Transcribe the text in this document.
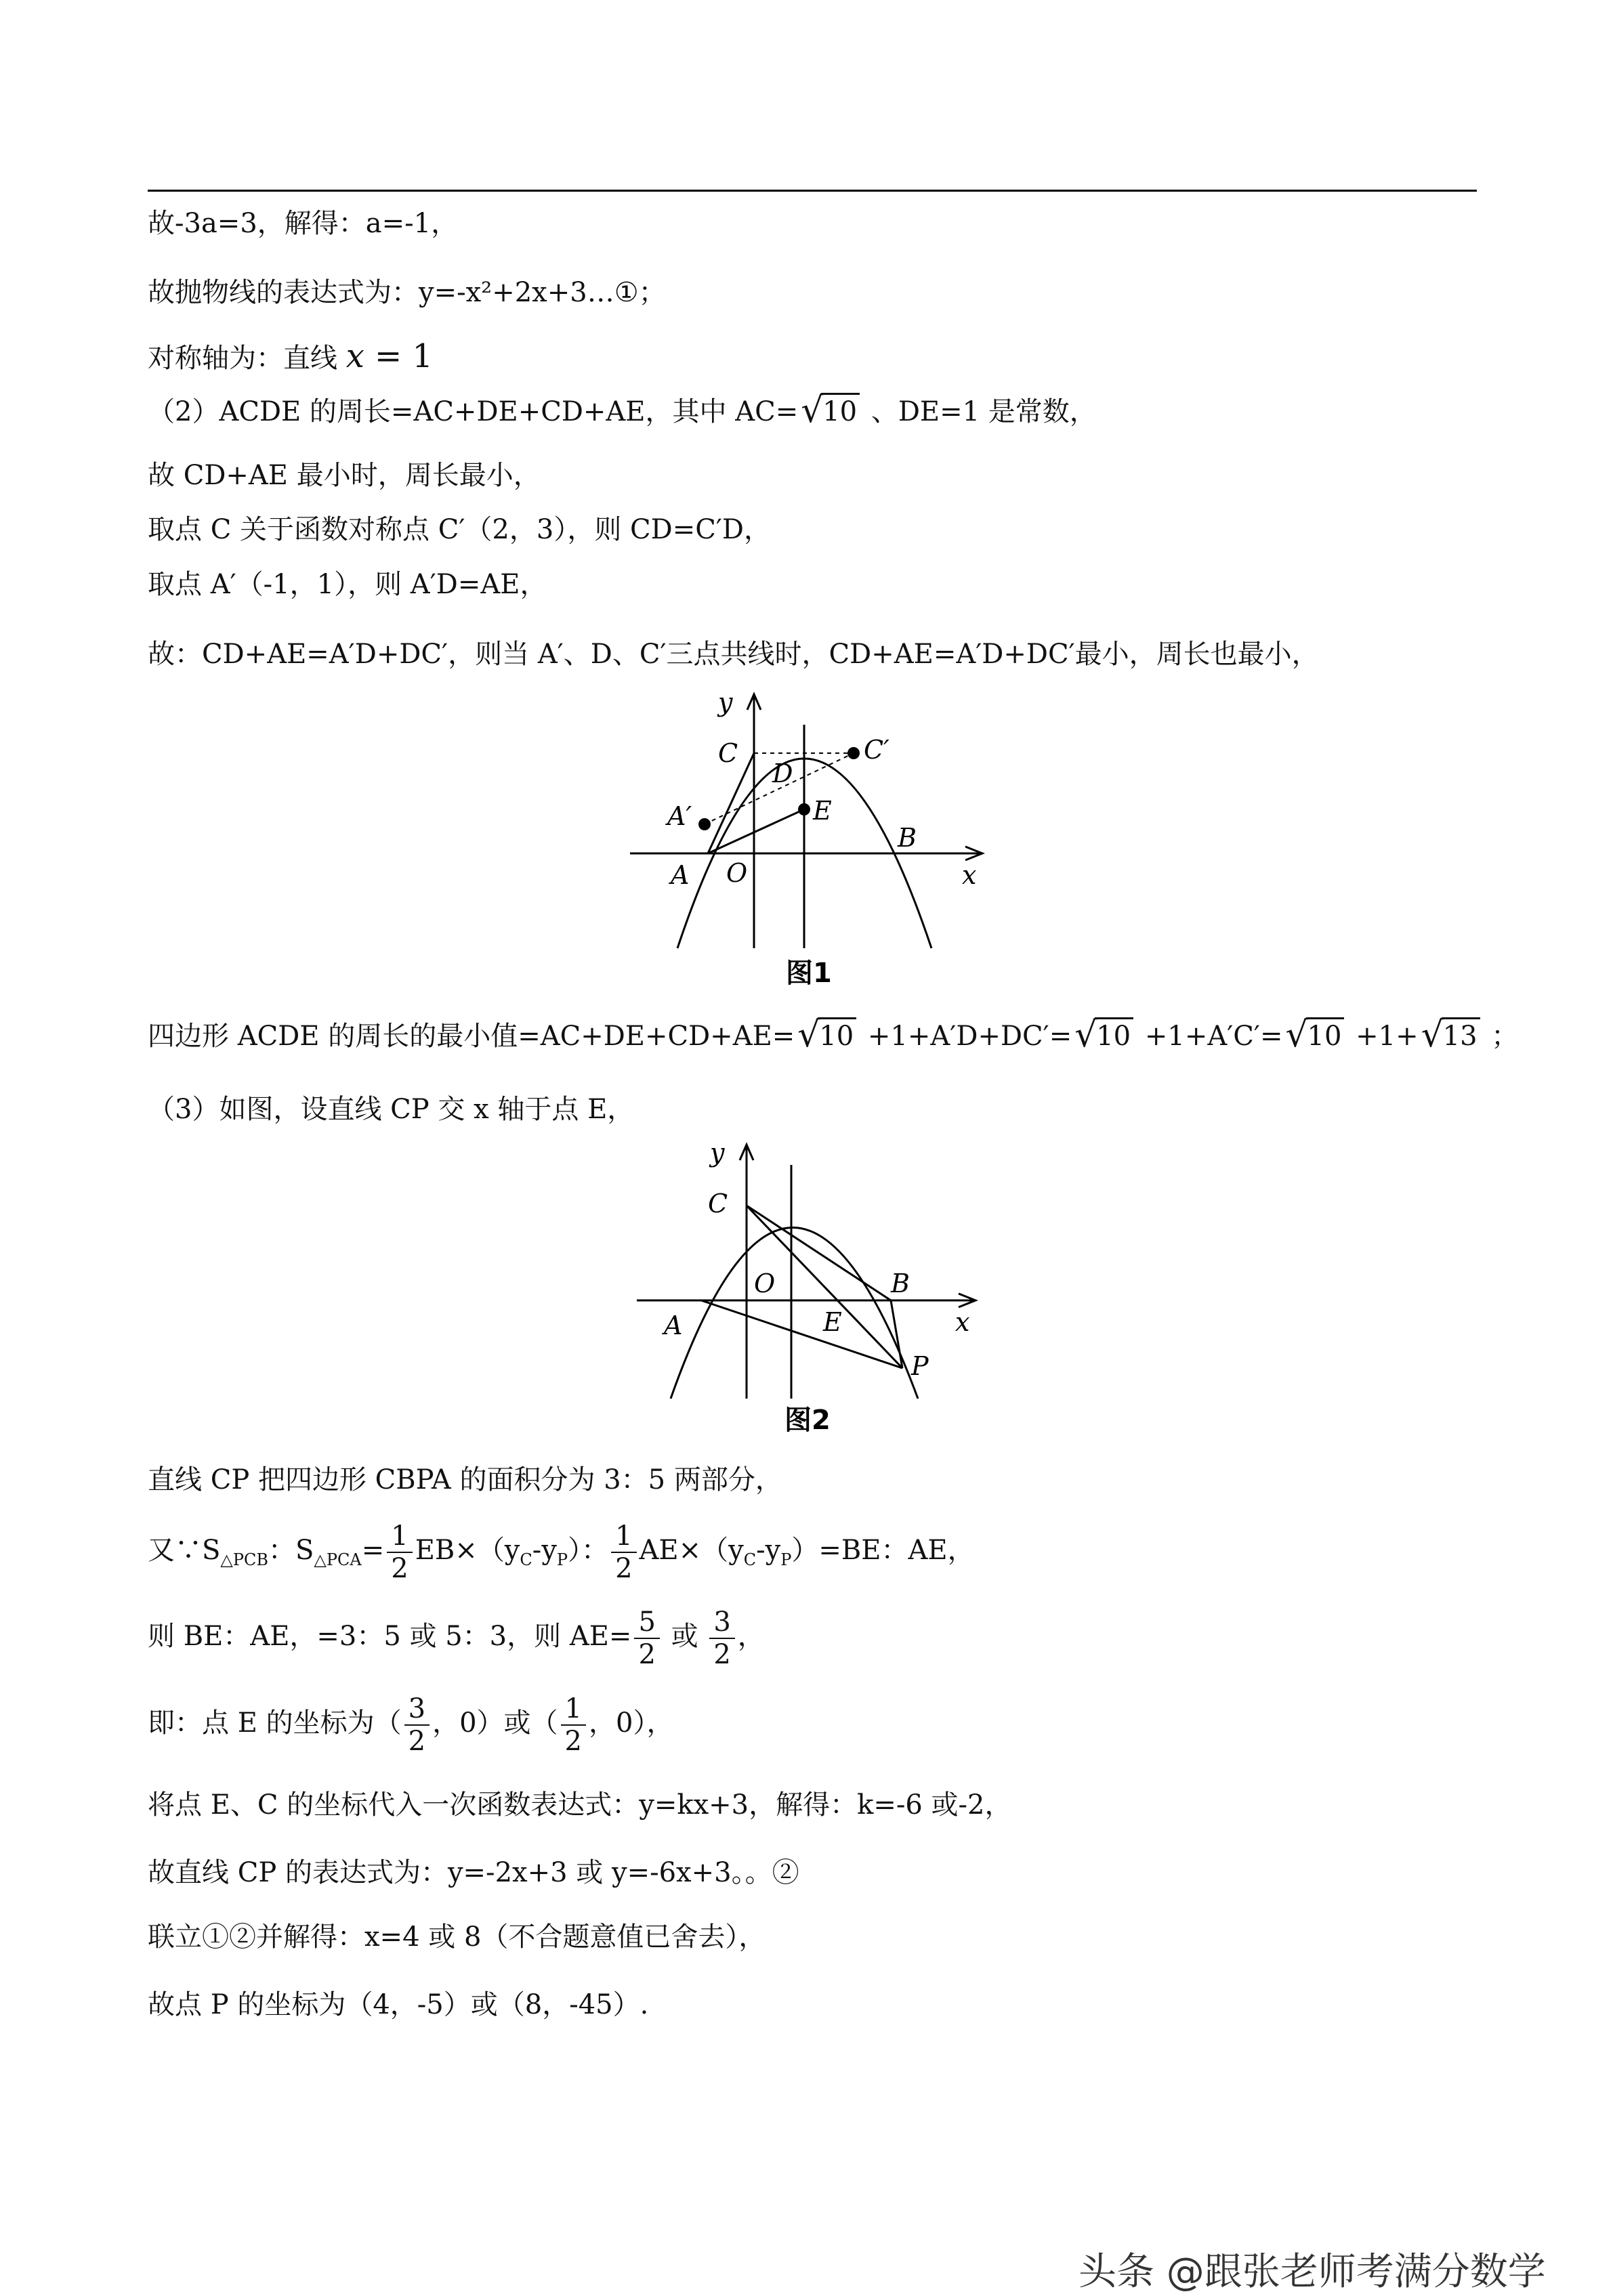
故-3a=3，解得：a=-1，
故抛物线的表达式为：y=-x²+2x+3…①；
对称轴为：直线 x = 1
（2）ACDE 的周长=AC+DE+CD+AE，其中 AC= √
10 、DE=1 是常数，
故 CD+AE 最小时，周长最小，
取点 C 关于函数对称点 C′（2，3），则 CD=C′D，
取点 A′（-1，1），则 A′D=AE，
故：CD+AE=A′D+DC′，则当 A′、D、C′三点共线时，CD+AE=A′D+DC′最小，周长也最小，
y
x
C	C′
D
A′	E
B
A O
图1
四边形 ACDE 的周长的最小值=AC+DE+CD+AE= √
10 +1+A′D+DC′= √
10 +1+A′C′= √
10 +1+ √
13 ；
（3）如图，设直线 CP 交 x 轴于点 E，
y
x
C
B
O
A	E
P
图2
直线 CP 把四边形 CBPA 的面积分为 3：5 两部分，
又$\because S_{\triangle PCB}$：$S_{\triangle PCA}= \frac{1}{2} EB\times(y_C-y_P)$： $\frac{1}{2} AE\times(y_C-y_P)=BE$：AE，
则 BE：AE，=3：5 或 5：3，则 $AE= \frac{5}{2}$ 或 $\frac{3}{2}$ ，
即：点 E 的坐标为（ $\frac{3}{2}$ ，0）或（ $\frac{1}{2}$ ，0），
将点 E、C 的坐标代入一次函数表达式：y=kx+3，解得：k=-6 或-2，
故直线 CP 的表达式为：y=-2x+3 或 y=-6x+3。。②
联立①②并解得：x=4 或 8（不合题意值已舍去），
故点 P 的坐标为（4，-5）或（8，-45）.
头条 @跟张老师考满分数学
